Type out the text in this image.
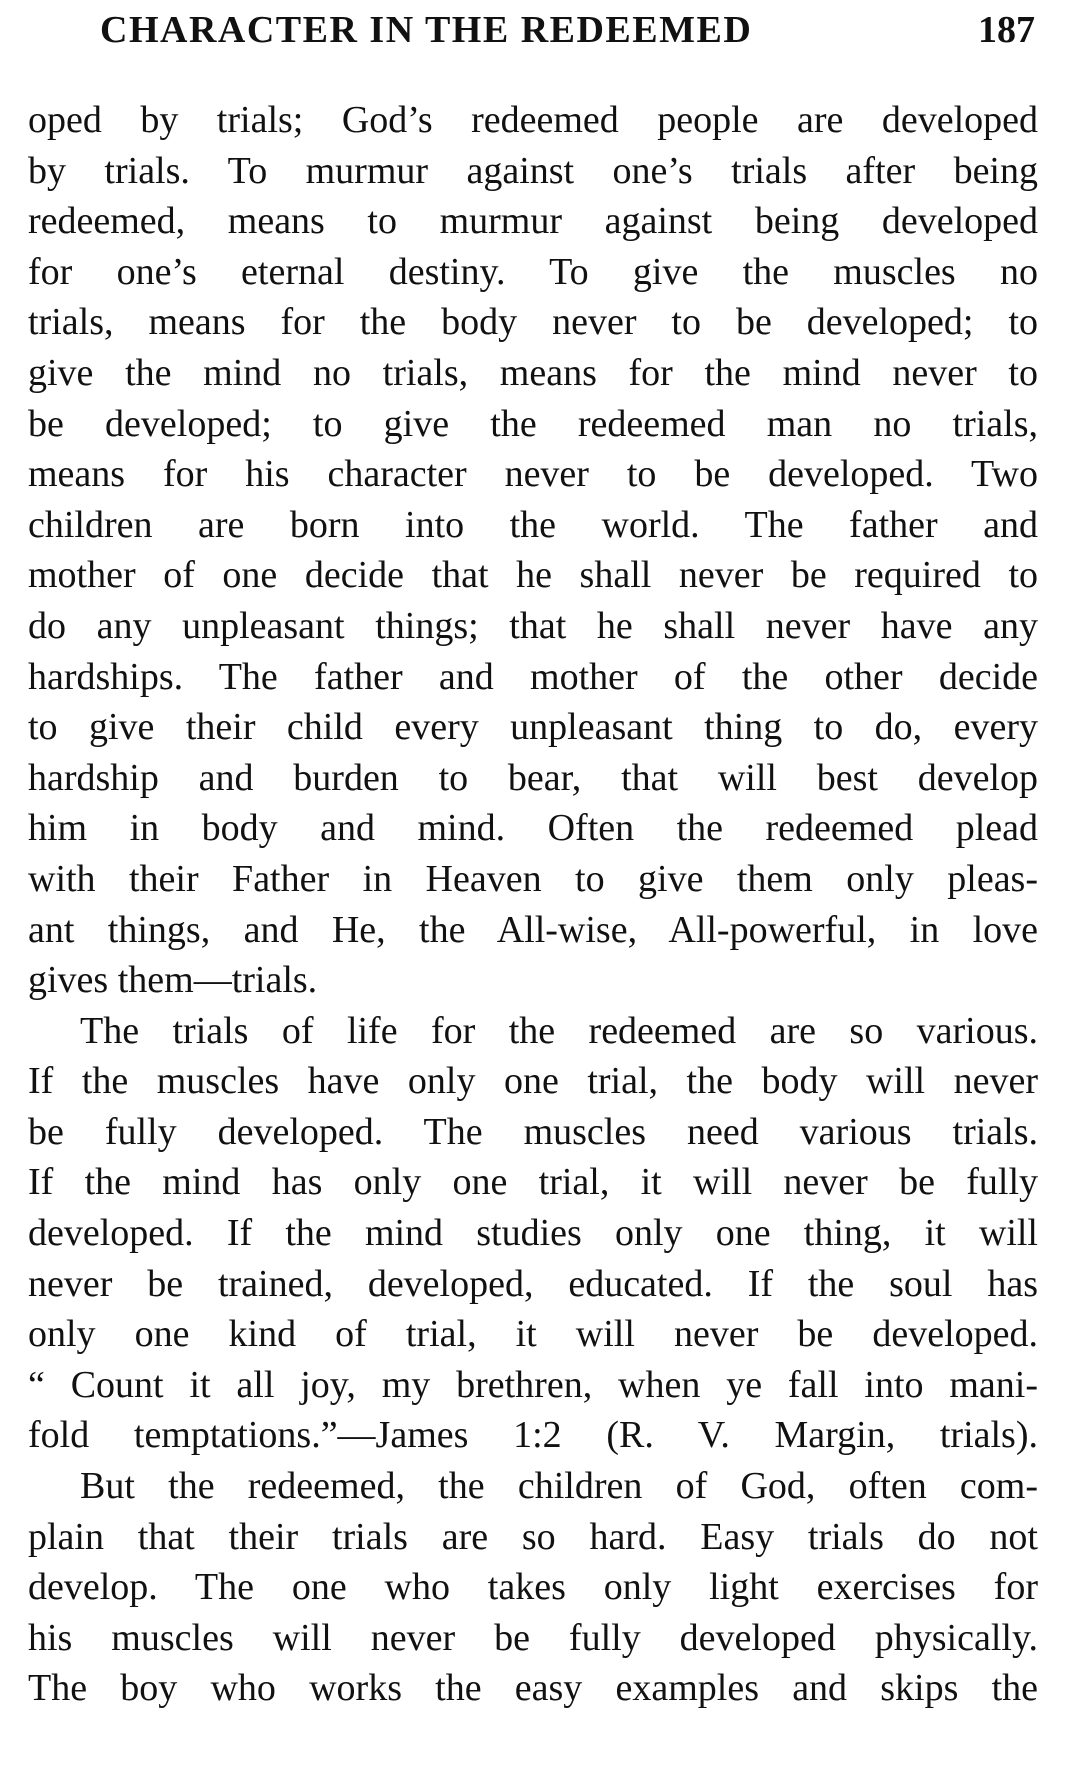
CHARACTER IN THE REDEEMED	187
oped by trials; God’s redeemed people are developed
by trials. To murmur against one’s trials after being
redeemed, means to murmur against being developed
for one’s eternal destiny. To give the muscles no
trials, means for the body never to be developed; to
give the mind no trials, means for the mind never to
be developed; to give the redeemed man no trials,
means for his character never to be developed. Two
children are born into the world. The father and
mother of one decide that he shall never be required to
do any unpleasant things; that he shall never have any
hardships. The father and mother of the other decide
to give their child every unpleasant thing to do, every
hardship and burden to bear, that will best develop
him in body and mind. Often the redeemed plead
with their Father in Heaven to give them only pleas-
ant things, and He, the All-wise, All-powerful, in love
gives them—trials.
The trials of life for the redeemed are so various.
If the muscles have only one trial, the body will never
be fully developed. The muscles need various trials.
If the mind has only one trial, it will never be fully
developed. If the mind studies only one thing, it will
never be trained, developed, educated. If the soul has
only one kind of trial, it will never be developed.
“ Count it all joy, my brethren, when ye fall into mani-
fold temptations.”—James 1:2 (R. V. Margin, trials).
But the redeemed, the children of God, often com-
plain that their trials are so hard. Easy trials do not
develop. The one who takes only light exercises for
his muscles will never be fully developed physically.
The boy who works the easy examples and skips the
